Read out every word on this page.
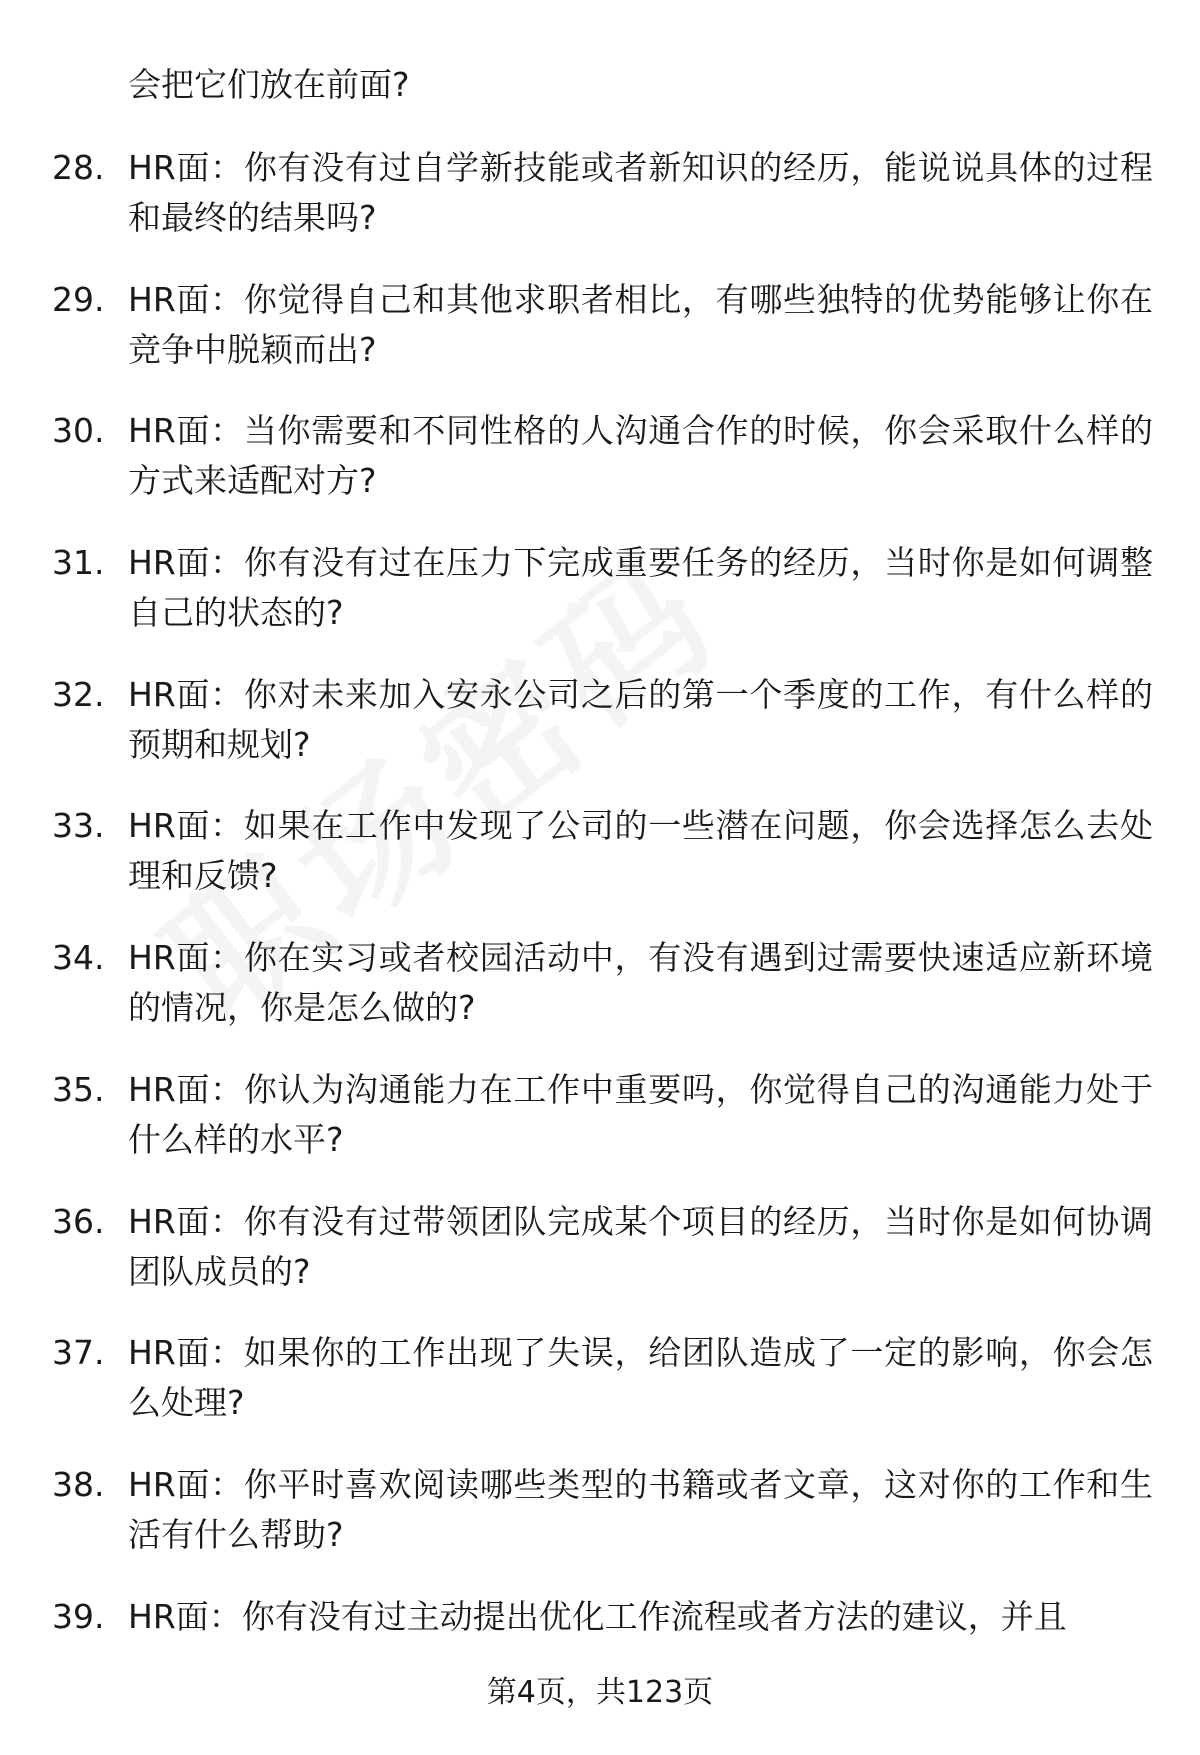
会把它们放在前面?
28. HR面：你有没有过自学新技能或者新知识的经历，能说说具体的过程和最终的结果吗?
29. HR面：你觉得自己和其他求职者相比，有哪些独特的优势能够让你在竞争中脱颖而出?
30. HR面：当你需要和不同性格的人沟通合作的时候，你会采取什么样的方式来适配对方?
31. HR面：你有没有过在压力下完成重要任务的经历，当时你是如何调整自己的状态的?
32. HR面：你对未来加入安永公司之后的第一个季度的工作，有什么样的预期和规划?
33. HR面：如果在工作中发现了公司的一些潜在问题，你会选择怎么去处理和反馈?
34. HR面：你在实习或者校园活动中，有没有遇到过需要快速适应新环境的情况，你是怎么做的?
35. HR面：你认为沟通能力在工作中重要吗，你觉得自己的沟通能力处于什么样的水平?
36. HR面：你有没有过带领团队完成某个项目的经历，当时你是如何协调团队成员的?
37. HR面：如果你的工作出现了失误，给团队造成了一定的影响，你会怎么处理?
38. HR面：你平时喜欢阅读哪些类型的书籍或者文章，这对你的工作和生活有什么帮助?
39. HR面：你有没有过主动提出优化工作流程或者方法的建议，并且
第4页，共123页
